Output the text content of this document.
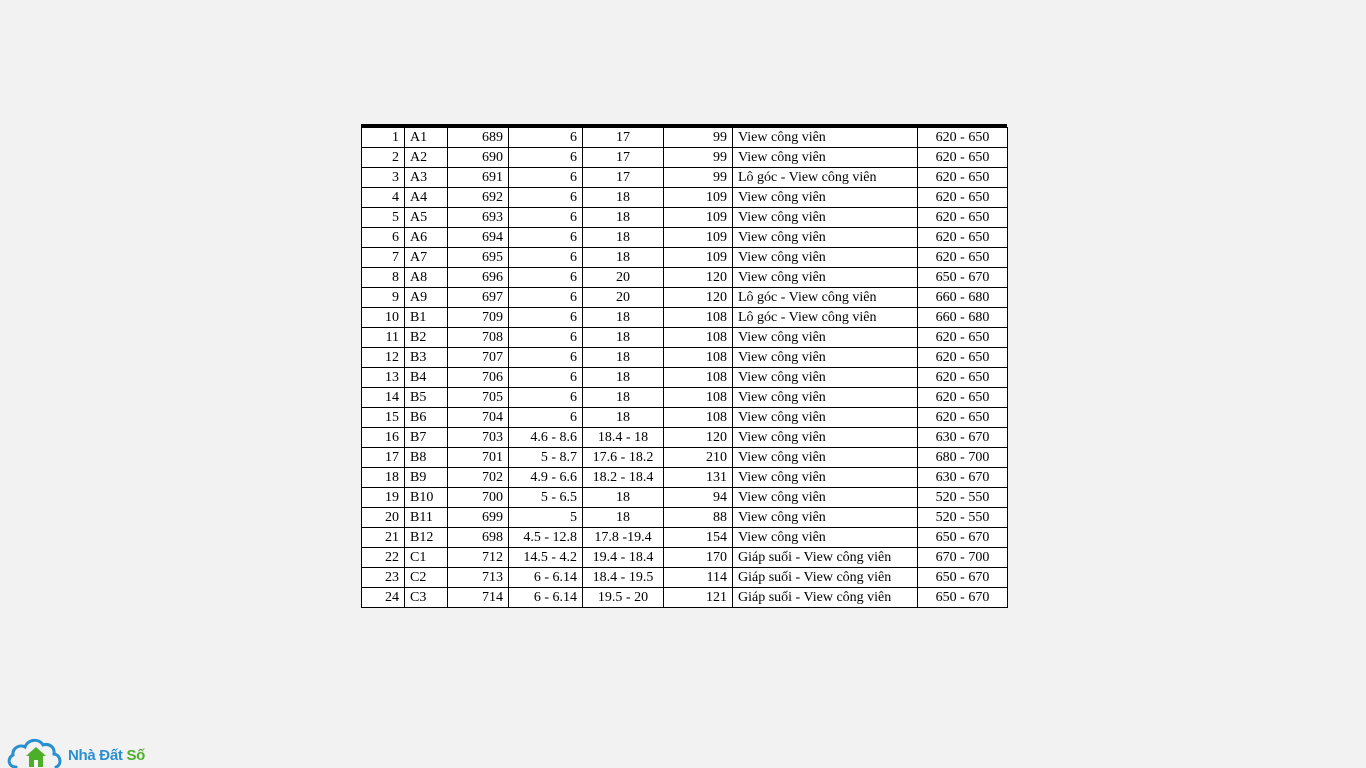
1	A1	689	6	17	99	View công viên	620 - 650
2	A2	690	6	17	99	View công viên	620 - 650
3	A3	691	6	17	99	Lô góc - View công viên	620 - 650
4	A4	692	6	18	109	View công viên	620 - 650
5	A5	693	6	18	109	View công viên	620 - 650
6	A6	694	6	18	109	View công viên	620 - 650
7	A7	695	6	18	109	View công viên	620 - 650
8	A8	696	6	20	120	View công viên	650 - 670
9	A9	697	6	20	120	Lô góc - View công viên	660 - 680
10	B1	709	6	18	108	Lô góc - View công viên	660 - 680
11	B2	708	6	18	108	View công viên	620 - 650
12	B3	707	6	18	108	View công viên	620 - 650
13	B4	706	6	18	108	View công viên	620 - 650
14	B5	705	6	18	108	View công viên	620 - 650
15	B6	704	6	18	108	View công viên	620 - 650
16	B7	703	4.6 - 8.6	18.4 - 18	120	View công viên	630 - 670
17	B8	701	5 - 8.7	17.6 - 18.2	210	View công viên	680 - 700
18	B9	702	4.9 - 6.6	18.2 - 18.4	131	View công viên	630 - 670
19	B10	700	5 - 6.5	18	94	View công viên	520 - 550
20	B11	699	5	18	88	View công viên	520 - 550
21	B12	698	4.5 - 12.8	17.8 -19.4	154	View công viên	650 - 670
22	C1	712	14.5 - 4.2	19.4 - 18.4	170	Giáp suối - View công viên	670 - 700
23	C2	713	6 - 6.14	18.4 - 19.5	114	Giáp suối - View công viên	650 - 670
24	C3	714	6 - 6.14	19.5 - 20	121	Giáp suối - View công viên	650 - 670
Nhà Đất Số
